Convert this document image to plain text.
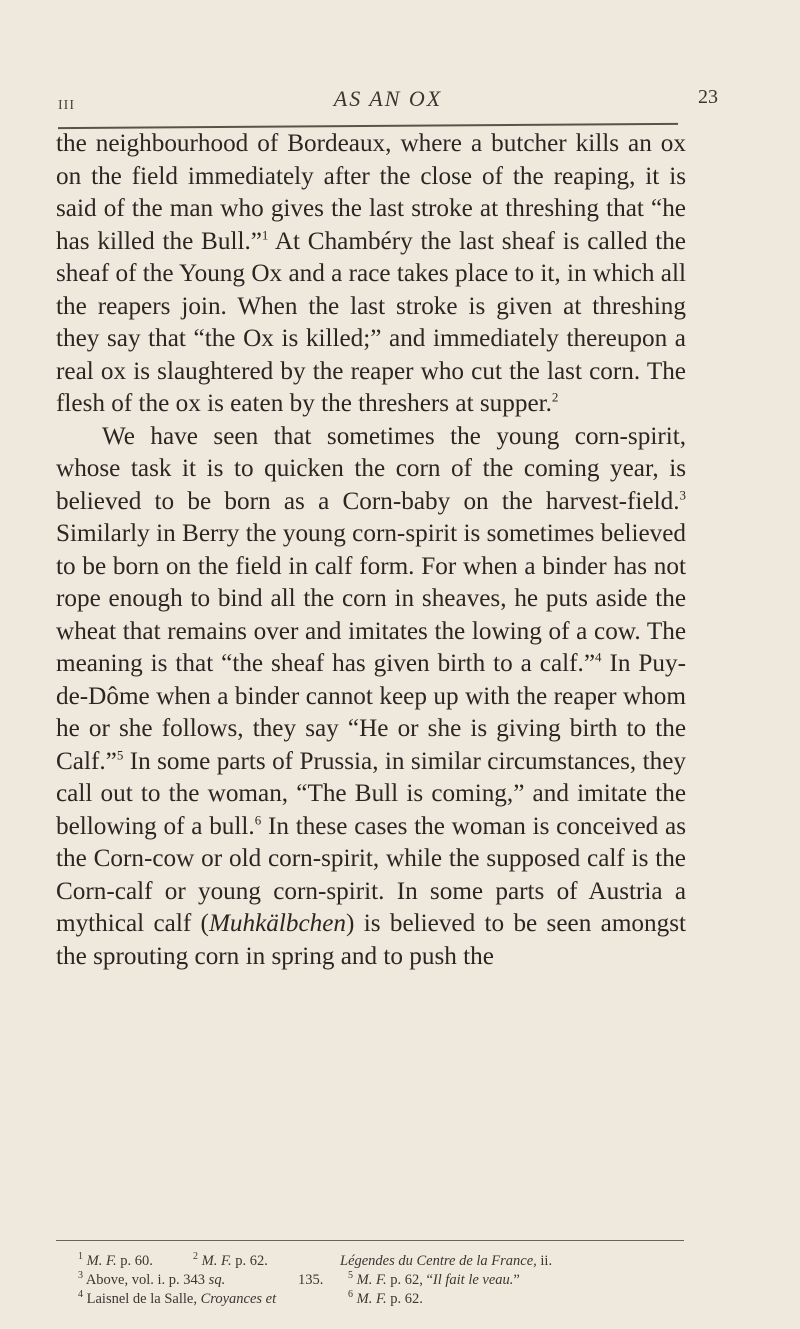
III	AS AN OX	23

the neighbourhood of Bordeaux, where a butcher kills an ox on the field immediately after the close of the reaping, it is said of the man who gives the last stroke at threshing that “he has killed the Bull.”$^1$ At Chambéry the last sheaf is called the sheaf of the Young Ox and a race takes place to it, in which all the reapers join. When the last stroke is given at threshing they say that “the Ox is killed;” and immediately thereupon a real ox is slaughtered by the reaper who cut the last corn. The flesh of the ox is eaten by the threshers at supper.$^2$

We have seen that sometimes the young corn-spirit, whose task it is to quicken the corn of the coming year, is believed to be born as a Corn-baby on the harvest-field.$^3$ Similarly in Berry the young corn-spirit is sometimes believed to be born on the field in calf form. For when a binder has not rope enough to bind all the corn in sheaves, he puts aside the wheat that remains over and imitates the lowing of a cow. The meaning is that “the sheaf has given birth to a calf.”$^4$ In Puy-de-Dôme when a binder cannot keep up with the reaper whom he or she follows, they say “He or she is giving birth to the Calf.”$^5$ In some parts of Prussia, in similar circumstances, they call out to the woman, “The Bull is coming,” and imitate the bellowing of a bull.$^6$ In these cases the woman is conceived as the Corn-cow or old corn-spirit, while the supposed calf is the Corn-calf or young corn-spirit. In some parts of Austria a mythical calf (Muhkälbchen) is believed to be seen amongst the sprouting corn in spring and to push the

$^1$ M. F. p. 60.	$^2$ M. F. p. 62.	Légendes du Centre de la France, ii.
$^3$ Above, vol. i. p. 343 sq.	135. $^5$ M. F. p. 62, “Il fait le veau.”
$^4$ Laisnel de la Salle, Croyances et	$^6$ M. F. p. 62.
